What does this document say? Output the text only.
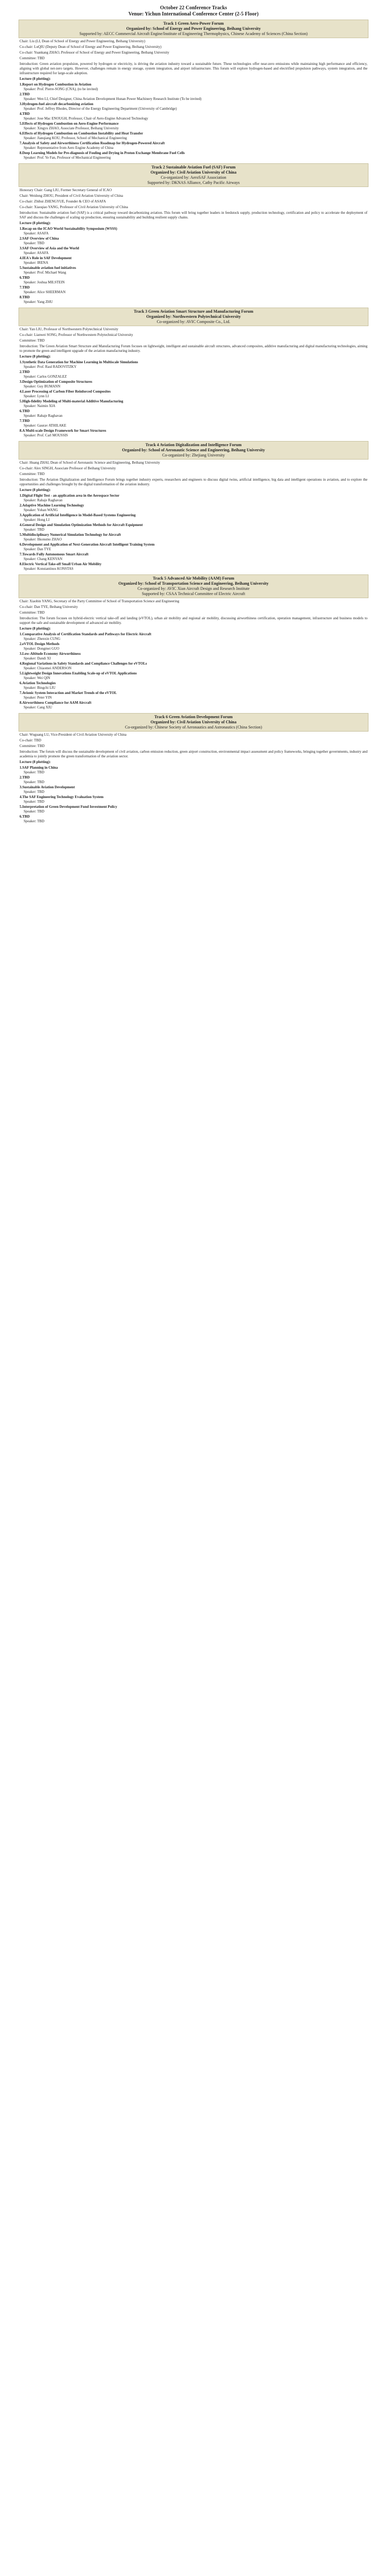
October 22 Conference Tracks
Venue: Yichun International Conference Center (2-5 Floor)
Track 1 Green Aero-Power Forum
Organized by: School of Energy and Power Engineering, Beihang University
Supported by: AECC Commercial Aircraft Engine/Institute of Engineering Thermophysics, Chinese Academy of Sciences (China Section)

Chair: Liu (LI, Dean of School of Energy and Power Engineering, Beihang University)

Co-chair: LuQIU (Deputy Dean of School of Energy and Power Engineering, Beihang University)

Co-chair: Yuankang ZHAO, Professor of School of Energy and Power Engineering, Beihang University

Committee: TBD

Introduction: Green aviation propulsion, powered by hydrogen or electricity, is driving the aviation industry toward a sustainable future. These technologies offer near-zero emissions while maintaining high performance and efficiency, aligning with global net-zero targets. However, challenges remain in energy storage, system integration, and airport infrastructure. This forum will explore hydrogen-based and electrified propulsion pathways, system integration, and the infrastructure required for large-scale adoption.

Lecture (8 plotting):

1.Report on Hydrogen Combustion in Aviation
Speaker: Prof. Pierre-SONG (CNA), (to be invited)
2.TBD
Speaker: Wen LI, Chief Designer, China Aviation Development Hunan Power Machinery Research Institute (To be invited)
3.Hydrogen-fuel aircraft decarbonizing aviation
Speaker: Prof. Jeffrey Rhodes, Director of the Energy Engineering Department (University of Cambridge)
4.TBD
Speaker: Jose Mac ENOUGH, Professor, Chair of Aero-Engine Advanced Technology
5.Effects of Hydrogen Combustion on Aero-Engine Performance
Speaker: Xingyu ZHAO, Associate Professor, Beihang University
6.Effects of Hydrogen Combustion on Combustion Instability and Heat Transfer
Speaker: Jianqiang KOU, Professor, School of Mechanical Engineering
7.Analysis of Safety and Airworthiness Certification Roadmap for Hydrogen-Powered Aircraft
Speaker: Representative from Aero Engine Academy of China
8.Deep Learning Models for Pre-diagnosis of Fouling and Drying in Proton Exchange Membrane Fuel Cells
Speaker: Prof. Ye Fan, Professor of Mechanical Engineering
Track 2 Sustainable Aviation Fuel (SAF) Forum
Organized by: Civil Aviation University of China
Co-organized by: AeroSAF Association
Supported by: DKNAS Alliance, Cathy Pacific Airways

Honorary Chair: Gang LIU, Former Secretary General of ICAO

Chair: Weidong ZHOU, President of Civil Aviation University of China

Co-chair: Zhihui ZHENGYUE, Founder & CEO of ASAFA

Co-chair: Xiaoqiao YANG, Professor of Civil Aviation University of China

Introduction: Sustainable aviation fuel (SAF) is a critical pathway toward decarbonizing aviation. This forum will bring together leaders in feedstock supply, production technology, certification and policy to accelerate the deployment of SAF and discuss the challenges of scaling up production, ensuring sustainability and building resilient supply chains.

Lecture (8 plotting):

1.Recap on the ICAO World Sustainability Symposium (WSSS)
Speaker: ASAFA
2.SAF Overview of China
Speaker: TBD
3.SAF Overview of Asia and the World
Speaker: ASAFA
4.IEA's Role in SAF Development
Speaker: IRENA
5.Sustainable aviation fuel initiatives
Speaker: Prof. Michael Wang
6.TBD
Speaker: Joshua MILSTEIN
7.TBD
Speaker: Alice SHEERMAN
8.TBD
Speaker: Yang ZHU
Track 3 Green Aviation Smart Structure and Manufacturing Forum
Organized by: Northwestern Polytechnical University
Co-organized by: AVIC Composite Co., Ltd.

Chair: Yan LIU, Professor of Northwestern Polytechnical University

Co-chair: Lianwei SONG, Professor of Northwestern Polytechnical University

Committee: TBD

Introduction: The Green Aviation Smart Structure and Manufacturing Forum focuses on lightweight, intelligent and sustainable aircraft structures, advanced composites, additive manufacturing and digital manufacturing technologies, aiming to promote the green and intelligent upgrade of the aviation manufacturing industry.

Lecture (8 plotting):

1.Synthetic Data Generation for Machine Learning in Multiscale Simulations
Speaker: Prof. Raul RADOVITZKY
2.TBD
Speaker: Carlos GONZALEZ
3.Design Optimization of Composite Structures
Speaker: Guy BUMANN
4.Laser Processing of Carbon Fiber Reinforced Composites
Speaker: Lynn LI
5.High-fidelity Modeling of Multi-material Additive Manufacturing
Speaker: Naimin XIA
6.TBD
Speaker: Rahaje Raghavan
7.TBD
Speaker: Gaurav ATHILAKE
8.A Multi-scale Design Framework for Smart Structures
Speaker: Prof. Carl MOUSSIS
Track 4 Aviation Digitalization and Intelligence Forum
Organized by: School of Aeronautic Science and Engineering, Beihang University
Co-organized by: Zhejiang University

Chair: Huang ZHAI, Dean of School of Aeronautic Science and Engineering, Beihang University

Co-chair: Alex SINGH, Associate Professor of Beihang University

Committee: TBD

Introduction: The Aviation Digitalization and Intelligence Forum brings together industry experts, researchers and engineers to discuss digital twins, artificial intelligence, big data and intelligent operations in aviation, and to explore the opportunities and challenges brought by the digital transformation of the aviation industry.

Lecture (8 plotting):

1.Digital Flight Test - an application area in the Aerospace Sector
Speaker: Rahaje Raghavan
2.Adaptive Machine Learning Technology
Speaker: Yohan WANG
3.Application of Artificial Intelligence in Model-Based Systems Engineering
Speaker: Hong LI
4.General Design and Simulation Optimization Methods for Aircraft Equipment
Speaker: TBD
5.Multidisciplinary Numerical Simulation Technology for Aircraft
Speaker: Ilkonsmo ZHAO
6.Development and Application of Next-Generation Aircraft Intelligent Training System
Speaker: Dan TYE
7.Towards Fully Autonomous Smart Aircraft
Speaker: Chang KENYAN
8.Electric Vertical Take-off Small Urban Air Mobility
Speaker: Konstantinos KONSTAS
Track 5 Advanced Air Mobility (AAM) Forum
Organized by: School of Transportation Science and Engineering, Beihang University
Co-organized by: AVIC Xian Aircraft Design and Research Institute
Supported by: CSAA Technical Committee of Electric Aircraft

Chair: Xiaobin YANG, Secretary of the Party Committee of School of Transportation Science and Engineering

Co-chair: Dan TYE, Beihang University

Committee: TBD

Introduction: The forum focuses on hybrid-electric vertical take-off and landing (eVTOL), urban air mobility and regional air mobility, discussing airworthiness certification, operation management, infrastructure and business models to support the safe and sustainable development of advanced air mobility.

Lecture (8 plotting):

1.Comparative Analysis of Certification Standards and Pathways for Electric Aircraft
Speaker: Zhenxin CUNG
2.eVTOL Design Methods
Speaker: Dongmei GUO
3.Low-Altitude Economy Airworthiness
Speaker: Dandi XI
4.Regional Variations in Safety Standards and Compliance Challenges for eVTOLs
Speaker: Chiaomei ANDERSON
5.Lightweight Design Innovations Enabling Scale-up of eVTOL Applications
Speaker: Wei QIN
6.Aviation Technologies
Speaker: Bingchi LIU
7.Avionic System Interaction and Market Trends of the eVTOL
Speaker: Peter YIN
8.Airworthiness Compliance for AAM Aircraft
Speaker: Cang XIU
Track 6 Green Aviation Development Forum
Organized by: Civil Aviation University of China
Co-organized by: Chinese Society of Aeronautics and Astronautics (China Section)

Chair: Wuguang LU, Vice-President of Civil Aviation University of China

Co-chair: TBD

Committee: TBD

Introduction: The forum will discuss the sustainable development of civil aviation, carbon emission reduction, green airport construction, environmental impact assessment and policy frameworks, bringing together governments, industry and academia to jointly promote the green transformation of the aviation sector.

Lecture (8 plotting):

1.SAF Planning in China
Speaker: TBD
2.TBD
Speaker: TBD
3.Sustainable Aviation Development
Speaker: TBD
4.The SAF Engineering Technology Evaluation System
Speaker: TBD
5.Interpretation of Green Development Fund Investment Policy
Speaker: TBD
6.TBD
Speaker: TBD
